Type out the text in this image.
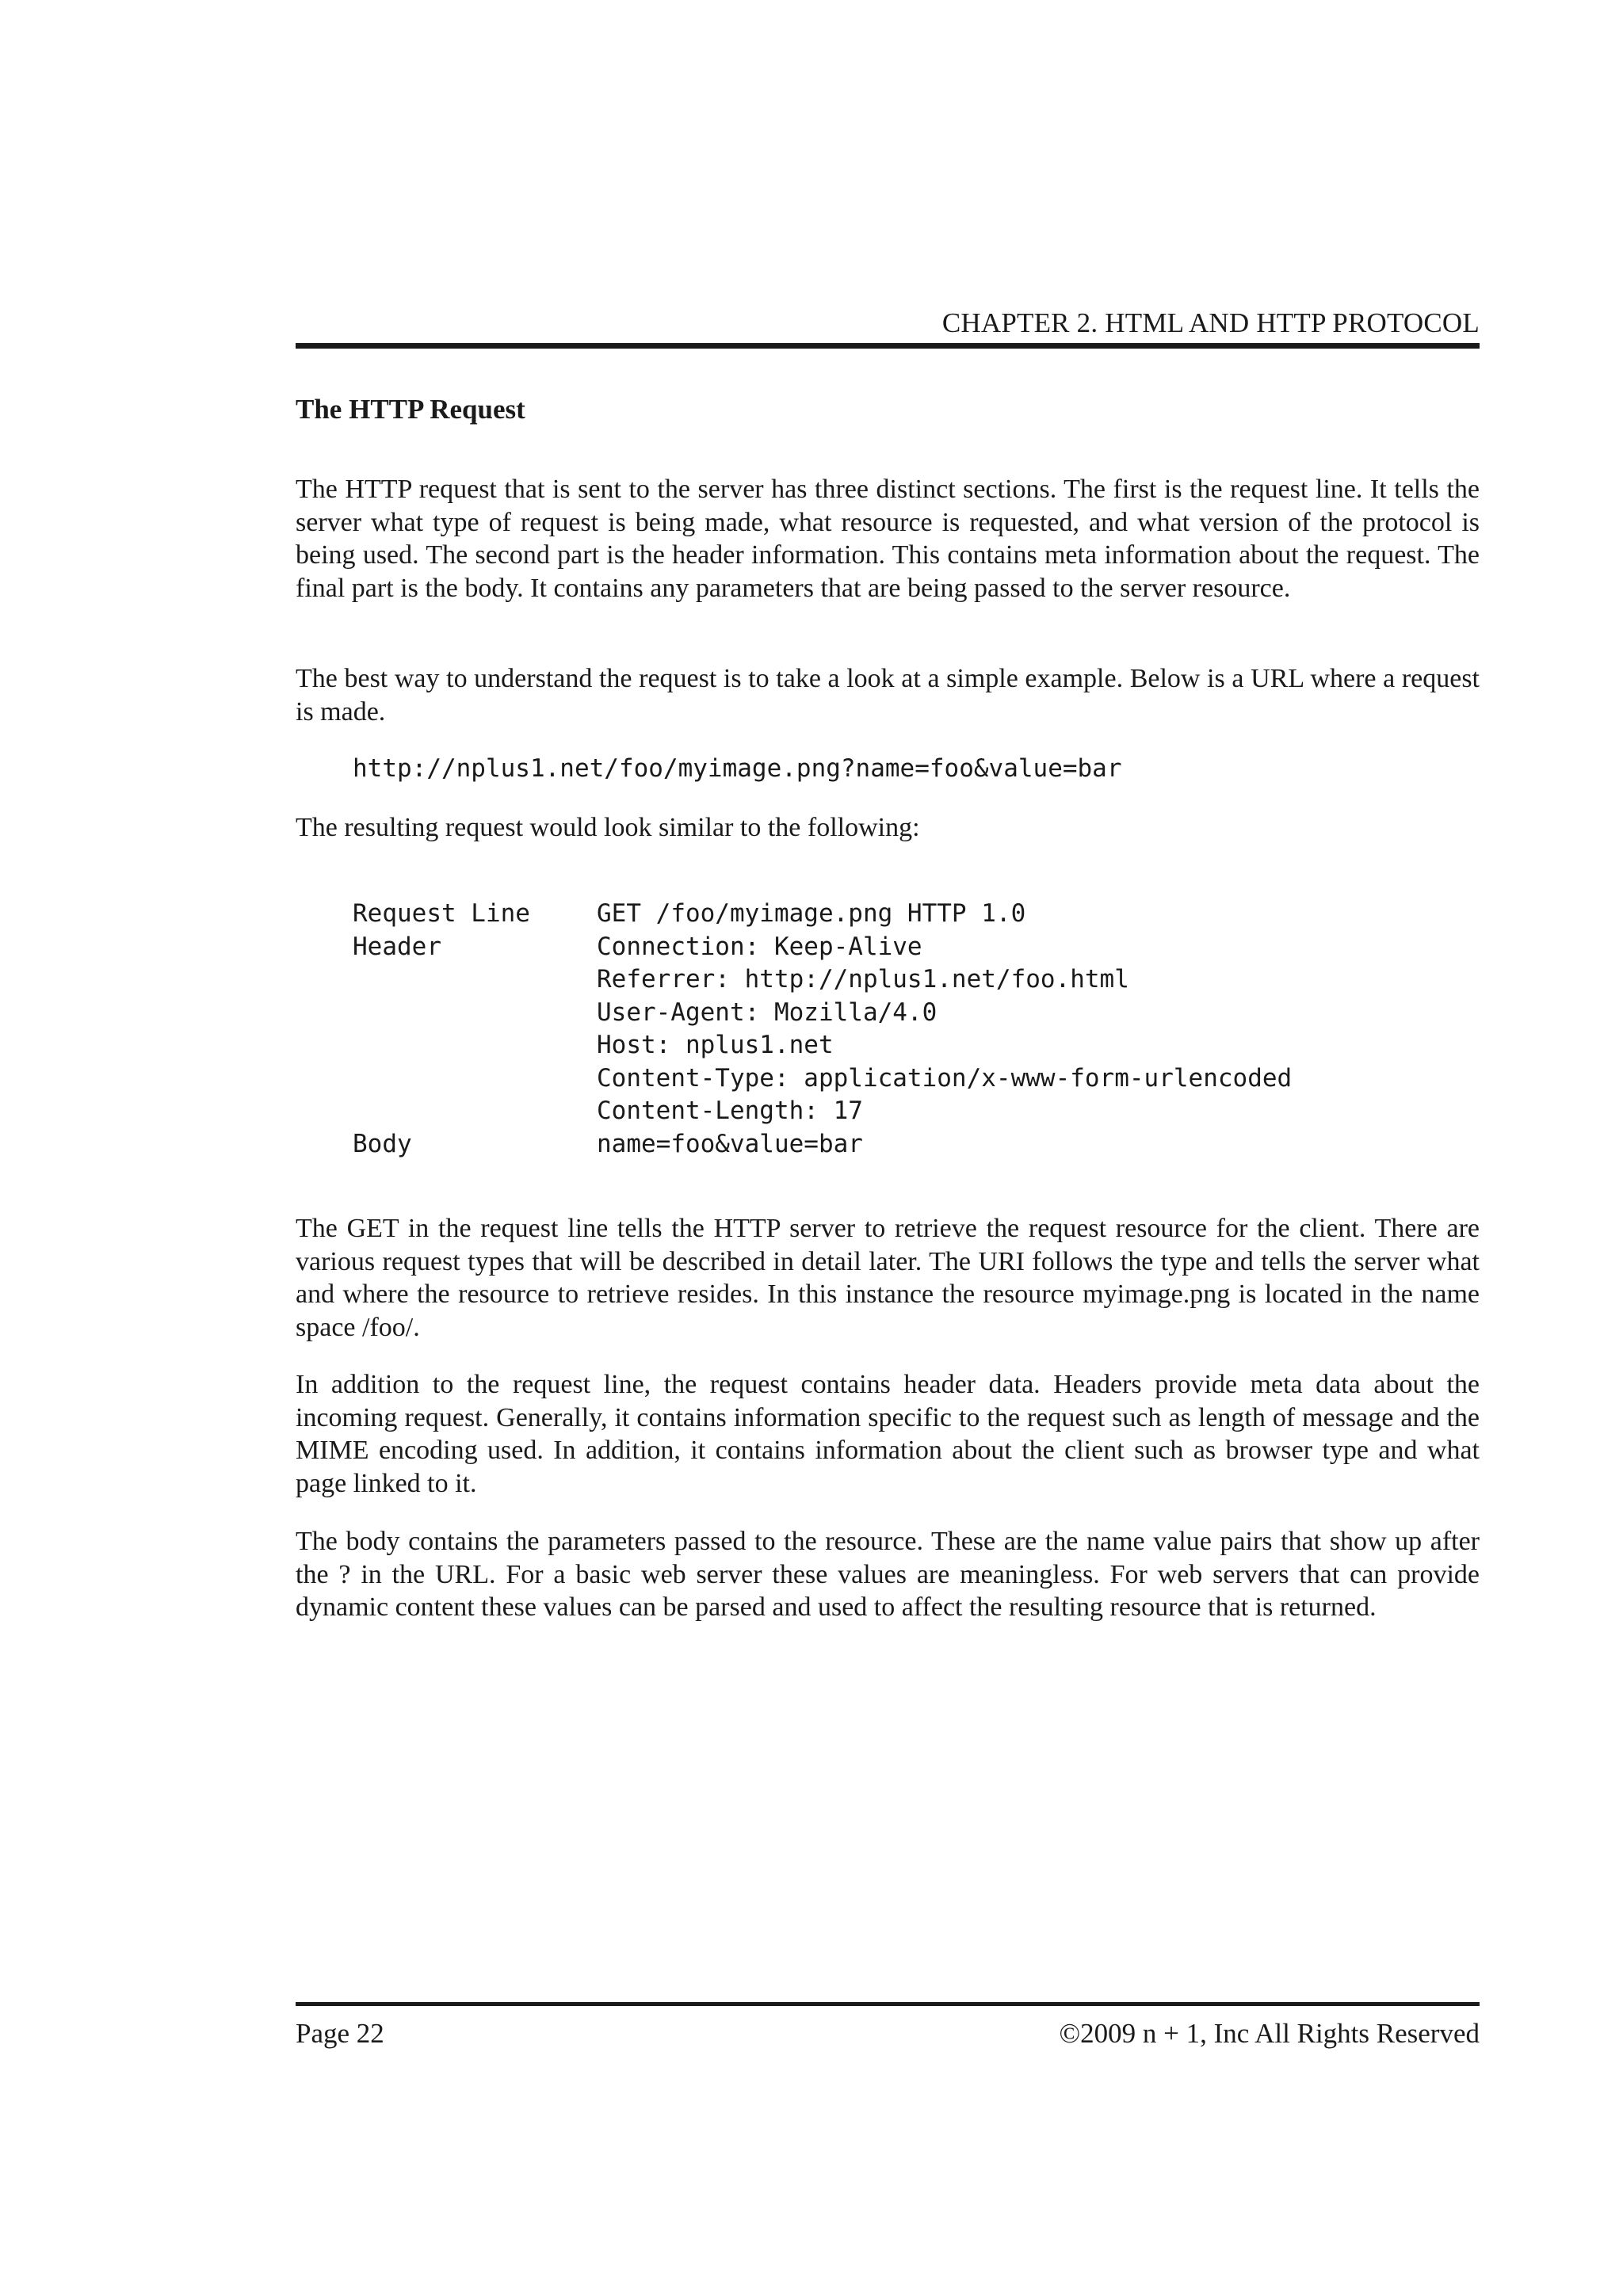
CHAPTER 2. HTML AND HTTP PROTOCOL
The HTTP Request

The HTTP request that is sent to the server has three distinct sections. The first is the request line. It tells the server what type of request is being made, what resource is requested, and what version of the protocol is being used. The second part is the header information. This contains meta information about the request. The final part is the body. It contains any parameters that are being passed to the server resource.

The best way to understand the request is to take a look at a simple example. Below is a URL where a request is made.

http://nplus1.net/foo/myimage.png?name=foo&value=bar

The resulting request would look similar to the following:

Request Line	GET /foo/myimage.png HTTP 1.0
Header	Connection: Keep-Alive
Referrer: http://nplus1.net/foo.html
User-Agent: Mozilla/4.0
Host: nplus1.net
Content-Type: application/x-www-form-urlencoded
Content-Length: 17
Body	name=foo&value=bar

The GET in the request line tells the HTTP server to retrieve the request resource for the client. There are various request types that will be described in detail later. The URI follows the type and tells the server what and where the resource to retrieve resides. In this instance the resource myimage.png is located in the name space /foo/.

In addition to the request line, the request contains header data. Headers provide meta data about the incoming request. Generally, it contains information specific to the request such as length of message and the MIME encoding used. In addition, it contains information about the client such as browser type and what page linked to it.

The body contains the parameters passed to the resource. These are the name value pairs that show up after the ? in the URL. For a basic web server these values are meaningless. For web servers that can provide dynamic content these values can be parsed and used to affect the resulting resource that is returned.

Page 22	©2009 n + 1, Inc All Rights Reserved
